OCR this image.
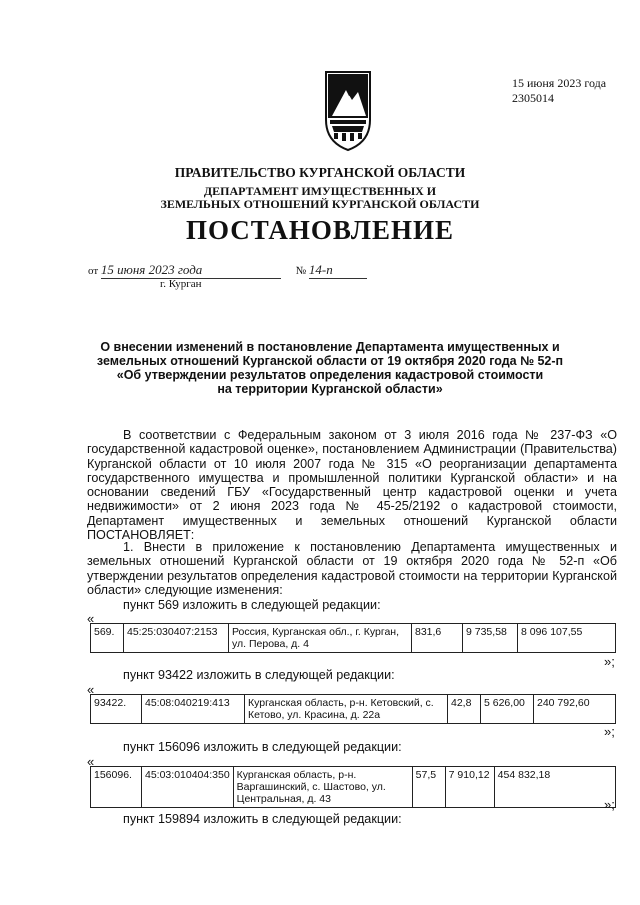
15 июня 2023 года
2305014
ПРАВИТЕЛЬСТВО КУРГАНСКОЙ ОБЛАСТИ
ДЕПАРТАМЕНТ ИМУЩЕСТВЕННЫХ И
ЗЕМЕЛЬНЫХ ОТНОШЕНИЙ КУРГАНСКОЙ ОБЛАСТИ
ПОСТАНОВЛЕНИЕ
от 15 июня 2023 года	№ 14-п
г. Курган
О внесении изменений в постановление Департамента имущественных и
земельных отношений Курганской области от 19 октября 2020 года № 52-п
«Об утверждении результатов определения кадастровой стоимости
на территории Курганской области»
В соответствии с Федеральным законом от 3 июля 2016 года № 237-ФЗ «О государственной кадастровой оценке», постановлением Администрации (Правительства) Курганской области от 10 июля 2007 года № 315 «О реорганизации департамента государственного имущества и промышленной политики Курганской области» и на основании сведений ГБУ «Государственный центр кадастровой оценки и учета недвижимости» от 2 июня 2023 года № 45-25/2192 о кадастровой стоимости, Департамент имущественных и земельных отношений Курганской области ПОСТАНОВЛЯЕТ:
1. Внести в приложение к постановлению Департамента имущественных и земельных отношений Курганской области от 19 октября 2020 года № 52-п «Об утверждении результатов определения кадастровой стоимости на территории Курганской области» следующие изменения:
пункт 569 изложить в следующей редакции:
«
569.	45:25:030407:2153	Россия, Курганская обл., г. Курган, ул. Перова, д. 4	831,6	9 735,58	8 096 107,55
»;
пункт 93422 изложить в следующей редакции:
«
93422.	45:08:040219:413	Курганская область, р-н. Кетовский, с. Кетово, ул. Красина, д. 22а	42,8	5 626,00	240 792,60
»;
пункт 156096 изложить в следующей редакции:
«
156096.	45:03:010404:350	Курганская область, р-н. Варгашинский, с. Шастово, ул. Центральная, д. 43	57,5	7 910,12	454 832,18
»;
пункт 159894 изложить в следующей редакции:
